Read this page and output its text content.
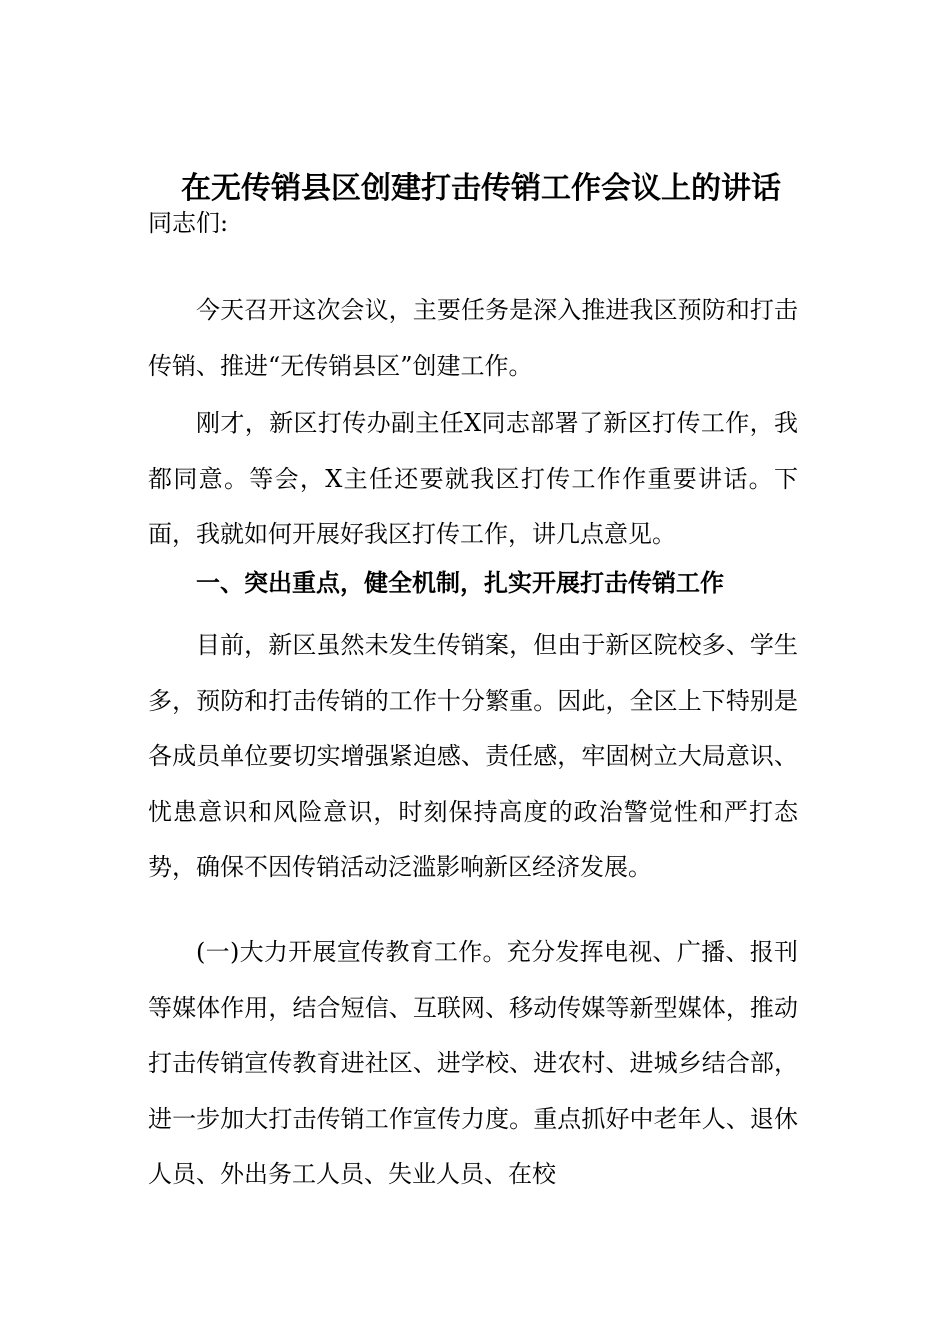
在无传销县区创建打击传销工作会议上的讲话
同志们:

今天召开这次会议，主要任务是深入推进我区预防和打击传销、推进“无传销县区”创建工作。

刚才，新区打传办副主任X同志部署了新区打传工作，我都同意。等会，X主任还要就我区打传工作作重要讲话。下面，我就如何开展好我区打传工作，讲几点意见。

一、突出重点，健全机制，扎实开展打击传销工作

目前，新区虽然未发生传销案，但由于新区院校多、学生多，预防和打击传销的工作十分繁重。因此，全区上下特别是各成员单位要切实增强紧迫感、责任感，牢固树立大局意识、忧患意识和风险意识，时刻保持高度的政治警觉性和严打态势，确保不因传销活动泛滥影响新区经济发展。

(一)大力开展宣传教育工作。充分发挥电视、广播、报刊等媒体作用，结合短信、互联网、移动传媒等新型媒体，推动打击传销宣传教育进社区、进学校、进农村、进城乡结合部，进一步加大打击传销工作宣传力度。重点抓好中老年人、退休人员、外出务工人员、失业人员、在校
